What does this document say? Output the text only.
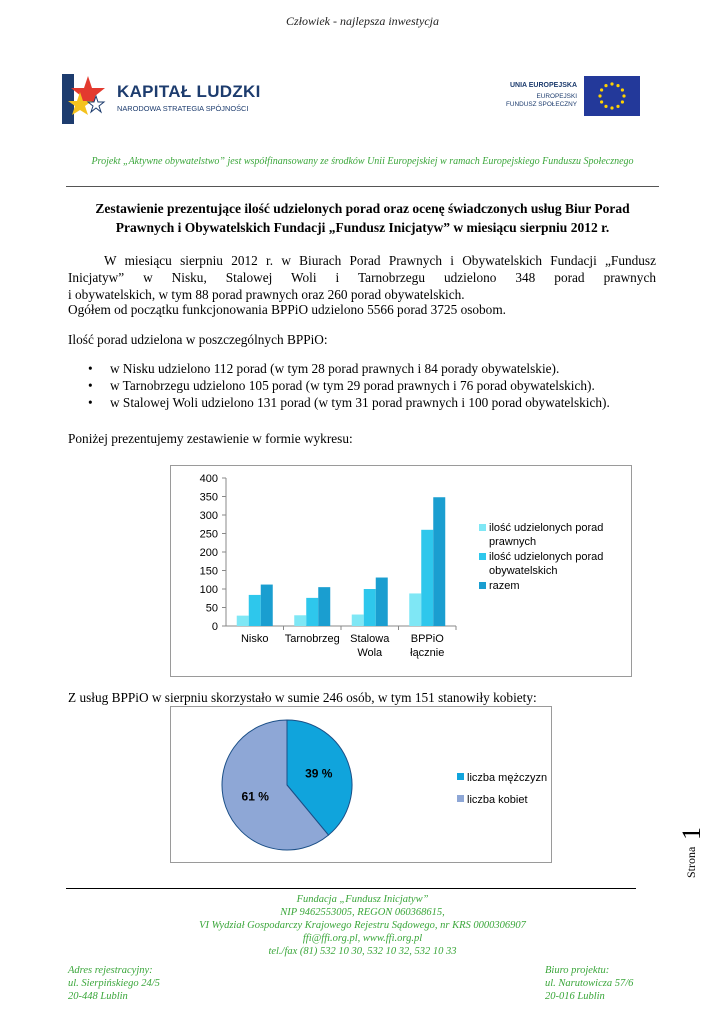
Człowiek - najlepsza inwestycja
KAPITAŁ LUDZKI
NARODOWA STRATEGIA SPÓJNOŚCI
UNIA EUROPEJSKA
EUROPEJSKI
FUNDUSZ SPOŁECZNY
Projekt „Aktywne obywatelstwo” jest współfinansowany ze środków Unii Europejskiej w ramach Europejskiego Funduszu Społecznego
Zestawienie prezentujące ilość udzielonych porad oraz ocenę świadczonych usług Biur Porad Prawnych i Obywatelskich Fundacji „Fundusz Inicjatyw” w miesiącu sierpniu 2012 r.
W miesiącu sierpniu 2012 r. w Biurach Porad Prawnych i Obywatelskich Fundacji „Fundusz
Inicjatyw” w Nisku, Stalowej Woli i Tarnobrzegu udzielono 348 porad prawnych
i obywatelskich, w tym 88 porad prawnych oraz 260 porad obywatelskich.
Ogółem od początku funkcjonowania BPPiO udzielono 5566 porad 3725 osobom.
Ilość porad udzielona w poszczególnych BPPiO:
• w Nisku udzielono 112 porad (w tym 28 porad prawnych i 84 porady obywatelskie).
• w Tarnobrzegu udzielono 105 porad (w tym 29 porad prawnych i 76 porad obywatelskich).
• w Stalowej Woli udzielono 131 porad (w tym 31 porad prawnych i 100 porad obywatelskich).
Poniżej prezentujemy zestawienie w formie wykresu:
0
50
100
150
200
250
300
350
400
Nisko Tarnobrzeg Stalowa
Wola
BPPiO
łącznie
ilość udzielonych porad
prawnych
ilość udzielonych porad
obywatelskich
razem
Z usług BPPiO w sierpniu skorzystało w sumie 246 osób, w tym 151 stanowiły kobiety:
39 %
61 %
liczba mężczyzn
liczba kobiet
Strona
1
Fundacja „Fundusz Inicjatyw”
NIP 9462553005, REGON 060368615,
VI Wydział Gospodarczy Krajowego Rejestru Sądowego, nr KRS 0000306907
ffi@ffi.org.pl, www.ffi.org.pl
tel./fax (81) 532 10 30, 532 10 32, 532 10 33
Adres rejestracyjny:
ul. Sierpińskiego 24/5
20-448 Lublin
Biuro projektu:
ul. Narutowicza 57/6
20-016 Lublin
